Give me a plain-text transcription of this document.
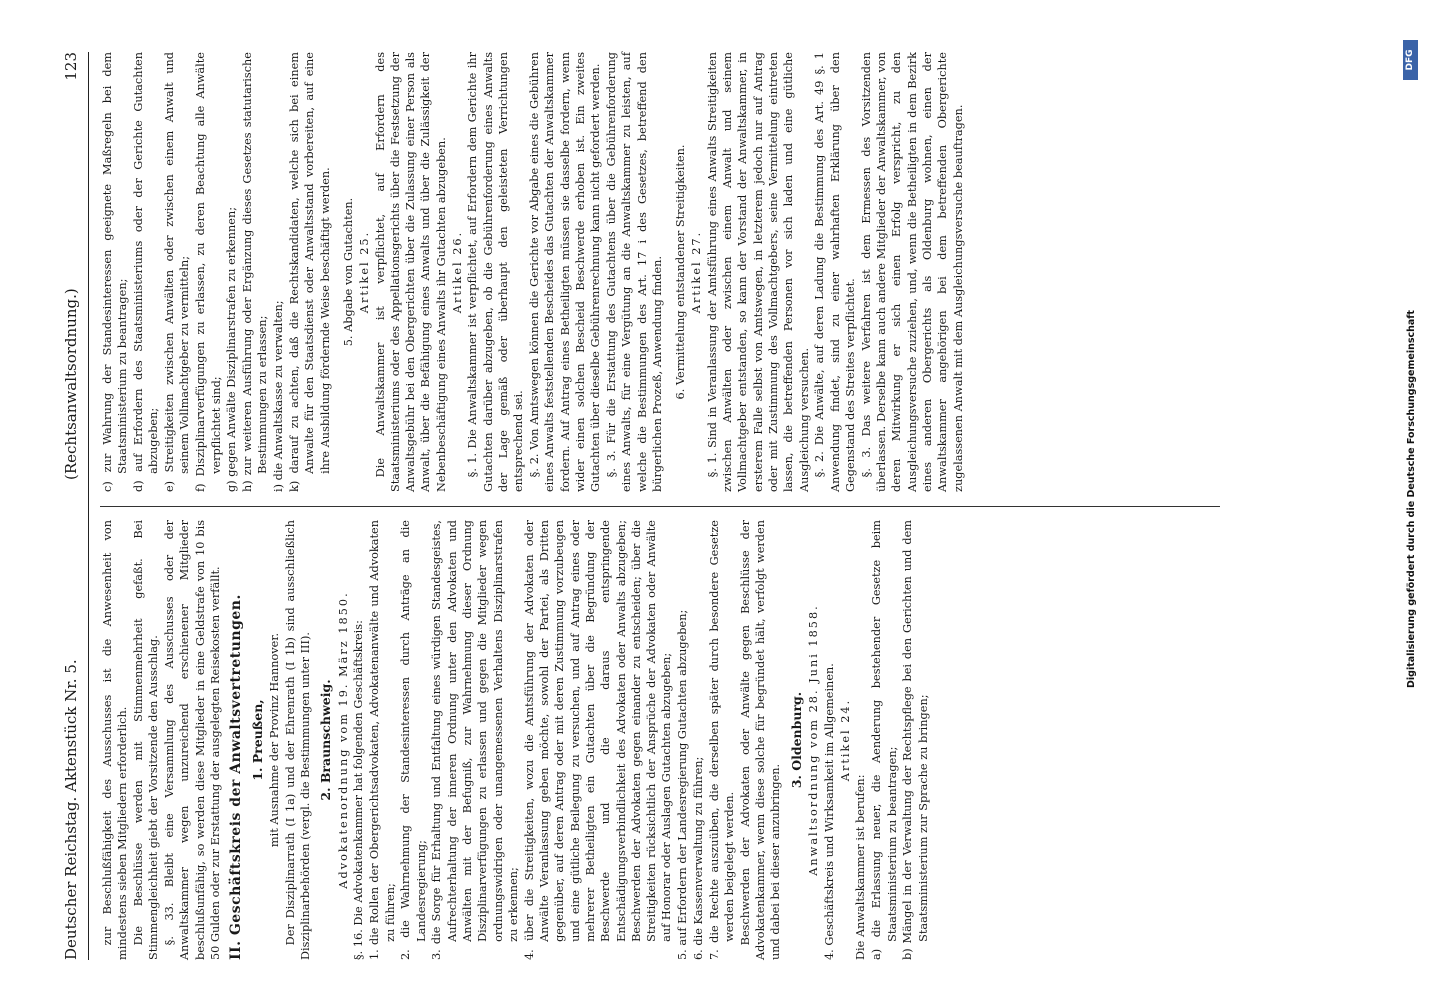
Deutscher Reichstag. Aktenstück Nr. 5.
(Rechtsanwaltsordnung.)
123

zur Beschlußfähigkeit des Ausschusses ist die Anwesenheit von mindestens sieben Mitgliedern erforderlich. Die Beschlüsse werden mit Stimmenmehrheit gefaßt. Bei Stimmengleichheit giebt der Vorsitzende den Ausschlag. §. 33. Bleibt eine Versammlung des Ausschusses oder der Anwaltskammer wegen unzureichend erschienener Mitglieder beschlußunfähig, so werden diese Mitglieder in eine Geldstrafe von 10 bis 50 Gulden oder zur Erstattung der ausgelegten Reisekosten verfällt. II. Geschäftskreis der Anwaltsvertretungen. 1. Preußen, mit Ausnahme der Provinz Hannover. Der Disziplinarrath (I 1a) und der Ehrenrath (I 1b) sind ausschließlich Disziplinarbehörden (vergl. die Bestimmungen unter III). 2. Braunschweig. Advokatenordnung vom 19. März 1850. §. 16. Die Advokatenkammer hat folgenden Geschäftskreis: 1. die Rollen der Obergerichtsadvokaten, Advokatenanwälte und Advokaten zu führen; 2. die Wahrnehmung der Standesinteressen durch Anträge an die Landesregierung; 3. die Sorge für Erhaltung und Entfaltung eines würdigen Standesgeistes, Aufrechterhaltung der inneren Ordnung unter den Advokaten und Anwälten mit der Befugniß, zur Wahrnehmung dieser Ordnung Disziplinarverfügungen zu erlassen und gegen die Mitglieder wegen ordnungswidrigen oder unangemessenen Verhaltens Disziplinarstrafen zu erkennen; 4. über die Streitigkeiten, wozu die Amtsführung der Advokaten oder Anwälte Veranlassung geben möchte, sowohl der Partei, als Dritten gegenüber, auf deren Antrag oder mit deren Zustimmung vorzubeugen und eine gütliche Beilegung zu versuchen, und auf Antrag eines oder mehrerer Betheiligten ein Gutachten über die Begründung der Beschwerde und die daraus entspringende Entschädigungsverbindlichkeit des Advokaten oder Anwalts abzugeben; Beschwerden der Advokaten gegen einander zu entscheiden; über die Streitigkeiten rücksichtlich der Ansprüche der Advokaten oder Anwälte auf Honorar oder Auslagen Gutachten abzugeben; 5. auf Erfordern der Landesregierung Gutachten abzugeben; 6. die Kassenverwaltung zu führen; 7. die Rechte auszuüben, die derselben später durch besondere Gesetze werden beigelegt werden. Beschwerden der Advokaten oder Anwälte gegen Beschlüsse der Advokatenkammer, wenn diese solche für begründet hält, verfolgt werden und dabei bei dieser anzubringen.

3. Oldenburg. Anwaltsordnung vom 28. Juni 1858. 4. Geschäftskreis und Wirksamkeit im Allgemeinen. Artikel 24.

Die Anwaltskammer ist berufen: a) die Erlassung neuer, die Aenderung bestehender Gesetze beim Staatsministerium zu beantragen; b) Mängel in der Verwaltung der Rechtspflege bei den Gerichten und dem Staatsministerium zur Sprache zu bringen;

c) zur Wahrung der Standesinteressen geeignete Maßregeln bei dem Staatsministerium zu beantragen; d) auf Erfordern des Staatsministeriums oder der Gerichte Gutachten abzugeben; e) Streitigkeiten zwischen Anwälten oder zwischen einem Anwalt und seinem Vollmachtgeber zu vermitteln; f) Disziplinarverfügungen zu erlassen, zu deren Beachtung alle Anwälte verpflichtet sind; g) gegen Anwälte Disziplinarstrafen zu erkennen; h) zur weiteren Ausführung oder Ergänzung dieses Gesetzes statutarische Bestimmungen zu erlassen; i) die Anwaltskasse zu verwalten; k) darauf zu achten, daß die Rechtskandidaten, welche sich bei einem Anwalte für den Staatsdienst oder Anwaltsstand vorbereiten, auf eine ihre Ausbildung fördernde Weise beschäftigt werden. 5. Abgabe von Gutachten. Artikel 25. Die Anwaltskammer ist verpflichtet, auf Erfordern des Staatsministeriums oder des Appellationsgerichts über die Festsetzung der Anwaltsgebühr bei den Obergerichten über die Zulassung einer Person als Anwalt, über die Befähigung eines Anwalts und über die Zulässigkeit der Nebenbeschäftigung eines Anwalts ihr Gutachten abzugeben. Artikel 26. §. 1. Die Anwaltskammer ist verpflichtet, auf Erfordern dem Gerichte ihr Gutachten darüber abzugeben, ob die Gebührenforderung eines Anwalts der Lage gemäß oder überhaupt den geleisteten Verrichtungen entsprechend sei. §. 2. Von Amtswegen können die Gerichte vor Abgabe eines die Gebühren eines Anwalts feststellenden Bescheides das Gutachten der Anwaltskammer fordern. Auf Antrag eines Betheiligten müssen sie dasselbe fordern, wenn wider einen solchen Bescheid Beschwerde erhoben ist. Ein zweites Gutachten über dieselbe Gebührenrechnung kann nicht gefordert werden. §. 3. Für die Erstattung des Gutachtens über die Gebührenforderung eines Anwalts, für eine Vergütung an die Anwaltskammer zu leisten, auf welche die Bestimmungen des Art. 17 i des Gesetzes, betreffend den bürgerlichen Prozeß, Anwendung finden. 6. Vermittelung entstandener Streitigkeiten. Artikel 27. §. 1. Sind in Veranlassung der Amtsführung eines Anwalts Streitigkeiten zwischen Anwälten oder zwischen einem Anwalt und seinem Vollmachtgeber entstanden, so kann der Vorstand der Anwaltskammer, in ersterem Falle selbst von Amtswegen, in letzterem jedoch nur auf Antrag oder mit Zustimmung des Vollmachtgebers, seine Vermittelung eintreten lassen, die betreffenden Personen vor sich laden und eine gütliche Ausgleichung versuchen. §. 2. Die Anwälte, auf deren Ladung die Bestimmung des Art. 49 §. 1 Anwendung findet, sind zu einer wahrhaften Erklärung über den Gegenstand des Streites verpflichtet. §. 3. Das weitere Verfahren ist dem Ermessen des Vorsitzenden überlassen. Derselbe kann auch andere Mitglieder der Anwaltskammer, von deren Mitwirkung er sich einen Erfolg verspricht, zu den Ausgleichungsversuche zuziehen, und, wenn die Betheiligten in dem Bezirk eines anderen Obergerichts als Oldenburg wohnen, einen der Anwaltskammer angehörigen bei dem betreffenden Obergerichte zugelassenen Anwalt mit dem Ausgleichungsversuche beauftragen.

Digitalisierung gefördert durch die Deutsche Forschungsgemeinschaft
DFG
